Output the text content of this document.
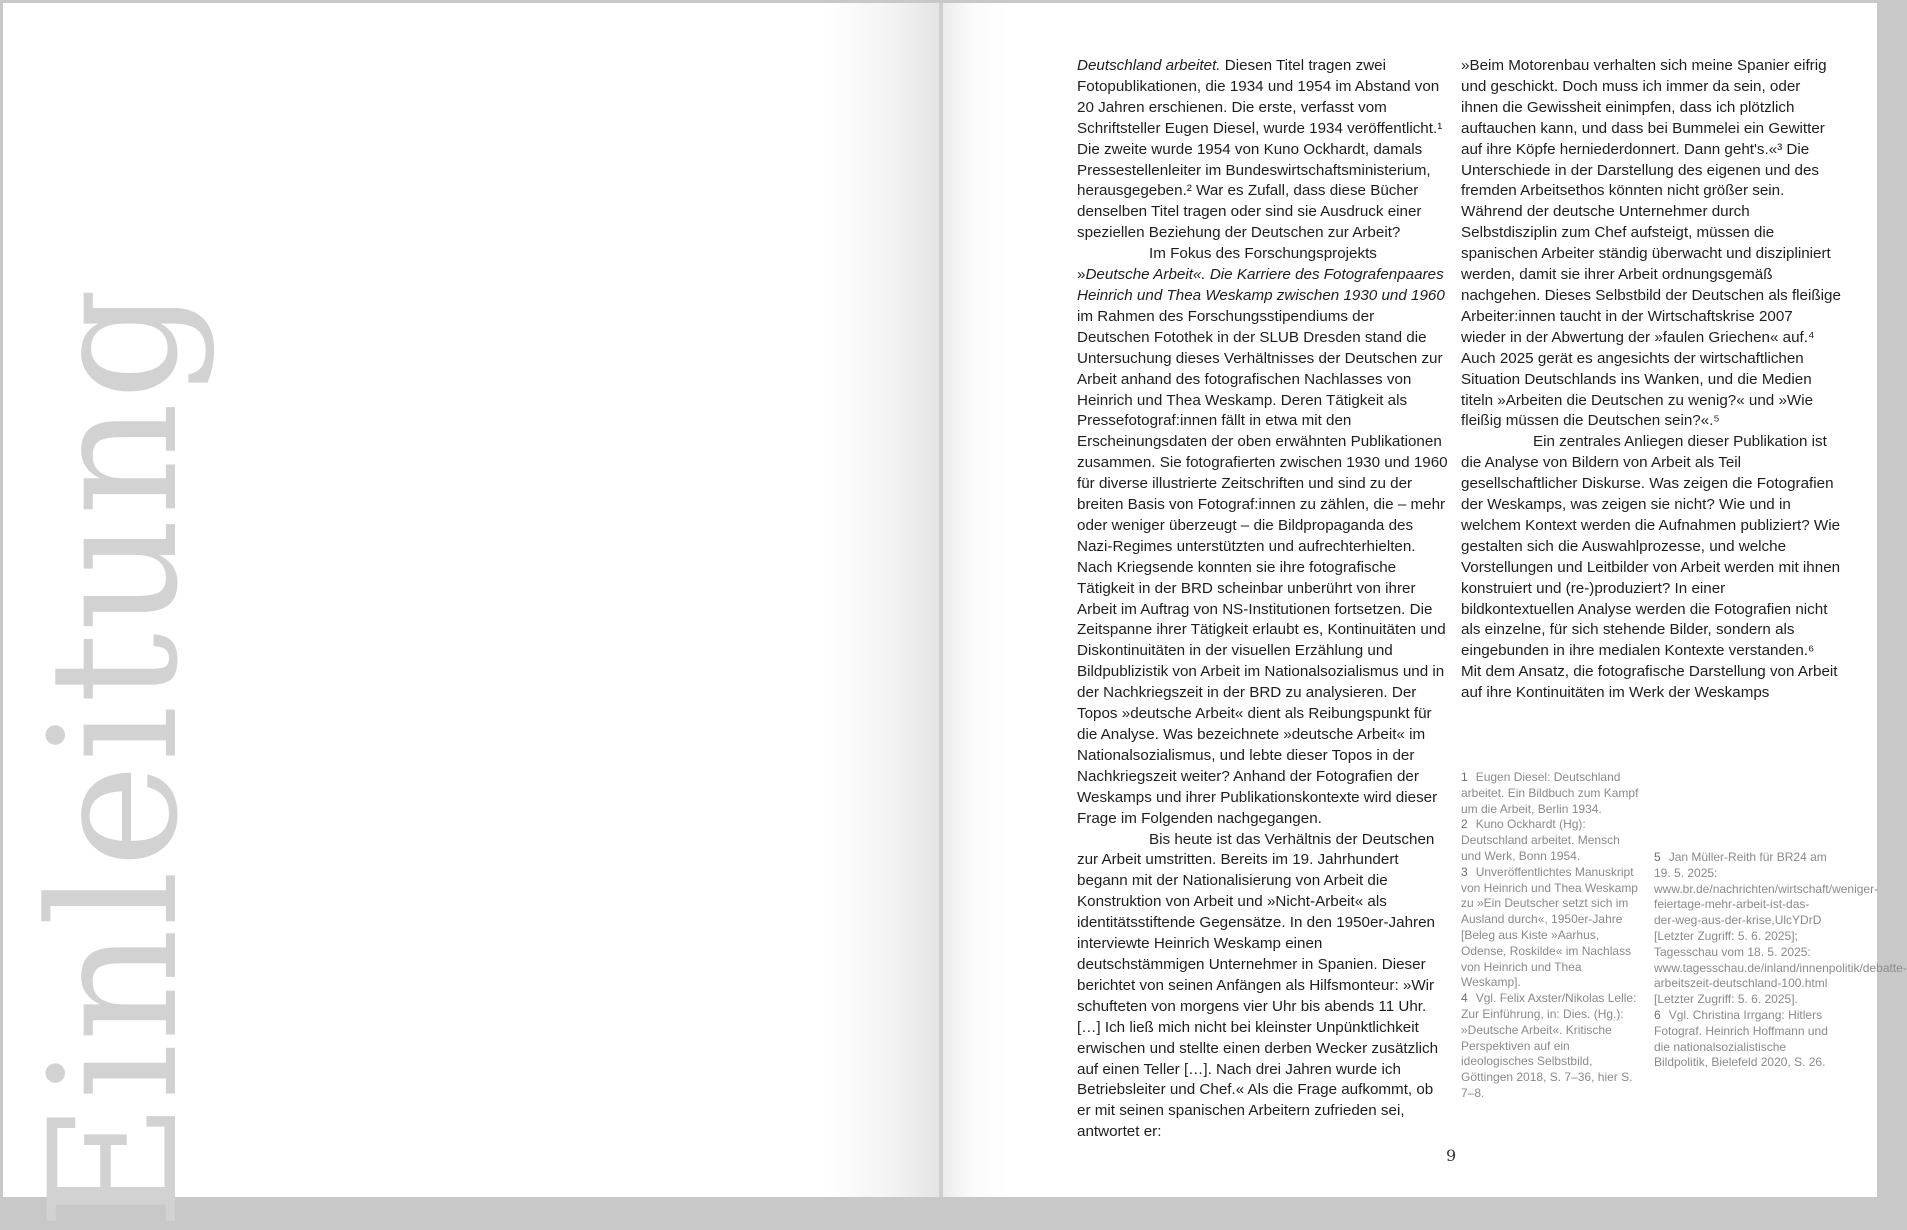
Einleitung

Deutschland arbeitet. Diesen Titel tragen zwei Fotopublikationen, die 1934 und 1954 im Abstand von 20 Jahren erschienen. Die erste, verfasst vom Schriftsteller Eugen Diesel, wurde 1934 veröffentlicht.¹

Die zweite wurde 1954 von Kuno Ockhardt, damals Pressestellenleiter im Bundeswirtschaftsministerium, herausgegeben.² War es Zufall, dass diese Bücher denselben Titel tragen oder sind sie Ausdruck einer speziellen Beziehung der Deutschen zur Arbeit?

Im Fokus des Forschungsprojekts »Deutsche Arbeit«. Die Karriere des Fotografenpaares Heinrich und Thea Weskamp zwischen 1930 und 1960 im Rahmen des Forschungsstipendiums der Deutschen Fotothek in der SLUB Dresden stand die Untersuchung dieses Verhältnisses der Deutschen zur Arbeit anhand des fotografischen Nachlasses von Heinrich und Thea Weskamp. Deren Tätigkeit als Pressefotograf:innen fällt in etwa mit den Erscheinungsdaten der oben erwähnten Publikationen zusammen. Sie fotografierten zwischen 1930 und 1960 für diverse illustrierte Zeitschriften und sind zu der breiten Basis von Fotograf:innen zu zählen, die – mehr oder weniger überzeugt – die Bildpropaganda des Nazi-Regimes unterstützten und aufrechterhielten. Nach Kriegsende konnten sie ihre fotografische Tätigkeit in der BRD scheinbar unberührt von ihrer Arbeit im Auftrag von NS-Institutionen fortsetzen. Die Zeitspanne ihrer Tätigkeit erlaubt es, Kontinuitäten und Diskontinuitäten in der visuellen Erzählung und Bildpublizistik von Arbeit im Nationalsozialismus und in der Nachkriegszeit in der BRD zu analysieren. Der Topos »deutsche Arbeit« dient als Reibungspunkt für die Analyse. Was bezeichnete »deutsche Arbeit« im Nationalsozialismus, und lebte dieser Topos in der Nachkriegszeit weiter? Anhand der Fotografien der Weskamps und ihrer Publikationskontexte wird dieser Frage im Folgenden nachgegangen.

Bis heute ist das Verhältnis der Deutschen zur Arbeit umstritten. Bereits im 19. Jahrhundert begann mit der Nationalisierung von Arbeit die Konstruktion von Arbeit und »Nicht-Arbeit« als identitätsstiftende Gegensätze. In den 1950er-Jahren interviewte Heinrich Weskamp einen deutschstämmigen Unternehmer in Spanien. Dieser berichtet von seinen Anfängen als Hilfsmonteur: »Wir schufteten von morgens vier Uhr bis abends 11 Uhr. […] Ich ließ mich nicht bei kleinster Unpünktlichkeit erwischen und stellte einen derben Wecker zusätzlich auf einen Teller […]. Nach drei Jahren wurde ich Betriebsleiter und Chef.« Als die Frage aufkommt, ob er mit seinen spanischen Arbeitern zufrieden sei, antwortet er:

»Beim Motorenbau verhalten sich meine Spanier eifrig und geschickt. Doch muss ich immer da sein, oder ihnen die Gewissheit einimpfen, dass ich plötzlich auftauchen kann, und dass bei Bummelei ein Gewitter auf ihre Köpfe herniederdonnert. Dann geht's.«³ Die Unterschiede in der Darstellung des eigenen und des fremden Arbeitsethos könnten nicht größer sein. Während der deutsche Unternehmer durch Selbstdisziplin zum Chef aufsteigt, müssen die spanischen Arbeiter ständig überwacht und diszipliniert werden, damit sie ihrer Arbeit ordnungsgemäß nachgehen. Dieses Selbstbild der Deutschen als fleißige Arbeiter:innen taucht in der Wirtschaftskrise 2007 wieder in der Abwertung der »faulen Griechen« auf.⁴ Auch 2025 gerät es angesichts der wirtschaftlichen Situation Deutschlands ins Wanken, und die Medien titeln »Arbeiten die Deutschen zu wenig?« und »Wie fleißig müssen die Deutschen sein?«.⁵

Ein zentrales Anliegen dieser Publikation ist die Analyse von Bildern von Arbeit als Teil gesellschaftlicher Diskurse. Was zeigen die Fotografien der Weskamps, was zeigen sie nicht? Wie und in welchem Kontext werden die Aufnahmen publiziert? Wie gestalten sich die Auswahlprozesse, und welche Vorstellungen und Leitbilder von Arbeit werden mit ihnen konstruiert und (re-)produziert? In einer bildkontextuellen Analyse werden die Fotografien nicht als einzelne, für sich stehende Bilder, sondern als eingebunden in ihre medialen Kontexte verstanden.⁶

Mit dem Ansatz, die fotografische Darstellung von Arbeit auf ihre Kontinuitäten im Werk der Weskamps

1 Eugen Diesel: Deutschland arbeitet. Ein Bildbuch zum Kampf um die Arbeit, Berlin 1934.

2 Kuno Ockhardt (Hg): Deutschland arbeitet. Mensch und Werk, Bonn 1954.

3 Unveröffentlichtes Manuskript von Heinrich und Thea Weskamp zu »Ein Deutscher setzt sich im Ausland durch«, 1950er-Jahre [Beleg aus Kiste »Aarhus, Odense, Roskilde« im Nachlass von Heinrich und Thea Weskamp].

4 Vgl. Felix Axster/Nikolas Lelle: Zur Einführung, in: Dies. (Hg.): »Deutsche Arbeit«. Kritische Perspektiven auf ein ideologisches Selbstbild, Göttingen 2018, S. 7–36, hier S. 7–8.

5 Jan Müller-Reith für BR24 am 19. 5. 2025: www.br.de/nachrichten/wirtschaft/weniger-feiertage-mehr-arbeit-ist-das-der-weg-aus-der-krise,UlcYDrD [Letzter Zugriff: 5. 6. 2025]; Tagesschau vom 18. 5. 2025: www.tagesschau.de/inland/innenpolitik/debatte-arbeitszeit-deutschland-100.html [Letzter Zugriff: 5. 6. 2025].

6 Vgl. Christina Irrgang: Hitlers Fotograf. Heinrich Hoffmann und die nationalsozialistische Bildpolitik, Bielefeld 2020, S. 26.

9
